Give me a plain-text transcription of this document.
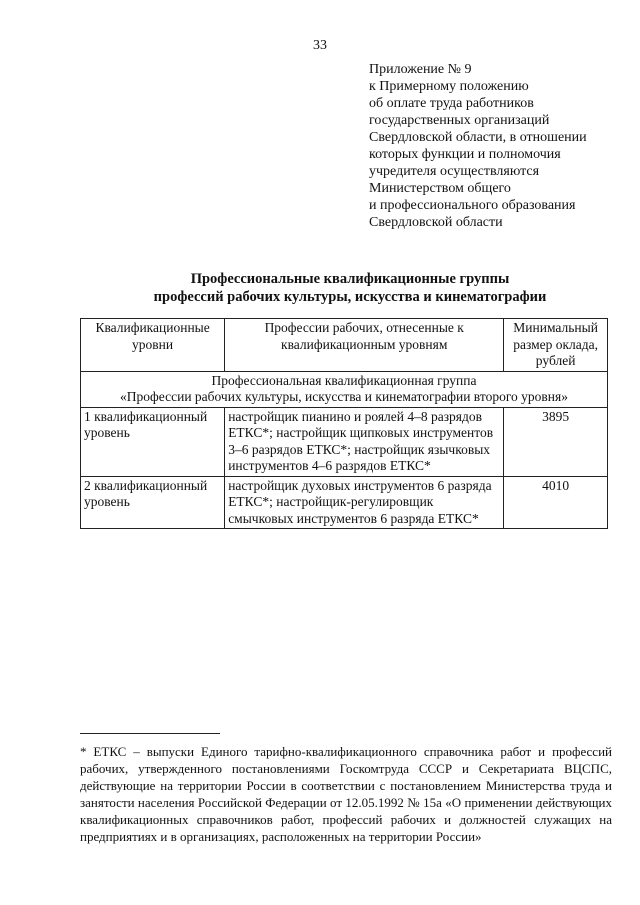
33
Приложение № 9
к Примерному положению
об оплате труда работников
государственных организаций
Свердловской области, в отношении
которых функции и полномочия
учредителя осуществляются
Министерством общего
и профессионального образования
Свердловской области
Профессиональные квалификационные группы
профессий рабочих культуры, искусства и кинематографии
Квалификационные уровни	Профессии рабочих, отнесенные к квалификационным уровням	Минимальный размер оклада, рублей

Профессиональная квалификационная группа
«Профессии рабочих культуры, искусства и кинематографии второго уровня»		

1 квалификационный уровень	настройщик пианино и роялей 4–8 разрядов ЕТКС*; настройщик щипковых инструментов 3–6 разрядов ЕТКС*; настройщик язычковых инструментов 4–6 разрядов ЕТКС*	3895
2 квалификационный уровень	настройщик духовых инструментов 6 разряда ЕТКС*; настройщик-регулировщик смычковых инструментов 6 разряда ЕТКС*	4010
* ЕТКС – выпуски Единого тарифно-квалификационного справочника работ и профессий рабочих, утвержденного постановлениями Госкомтруда СССР и Секретариата ВЦСПС, действующие на территории России в соответствии с постановлением Министерства труда и занятости населения Российской Федерации от 12.05.1992 № 15а «О применении действующих квалификационных справочников работ, профессий рабочих и должностей служащих на предприятиях и в организациях, расположенных на территории России»
